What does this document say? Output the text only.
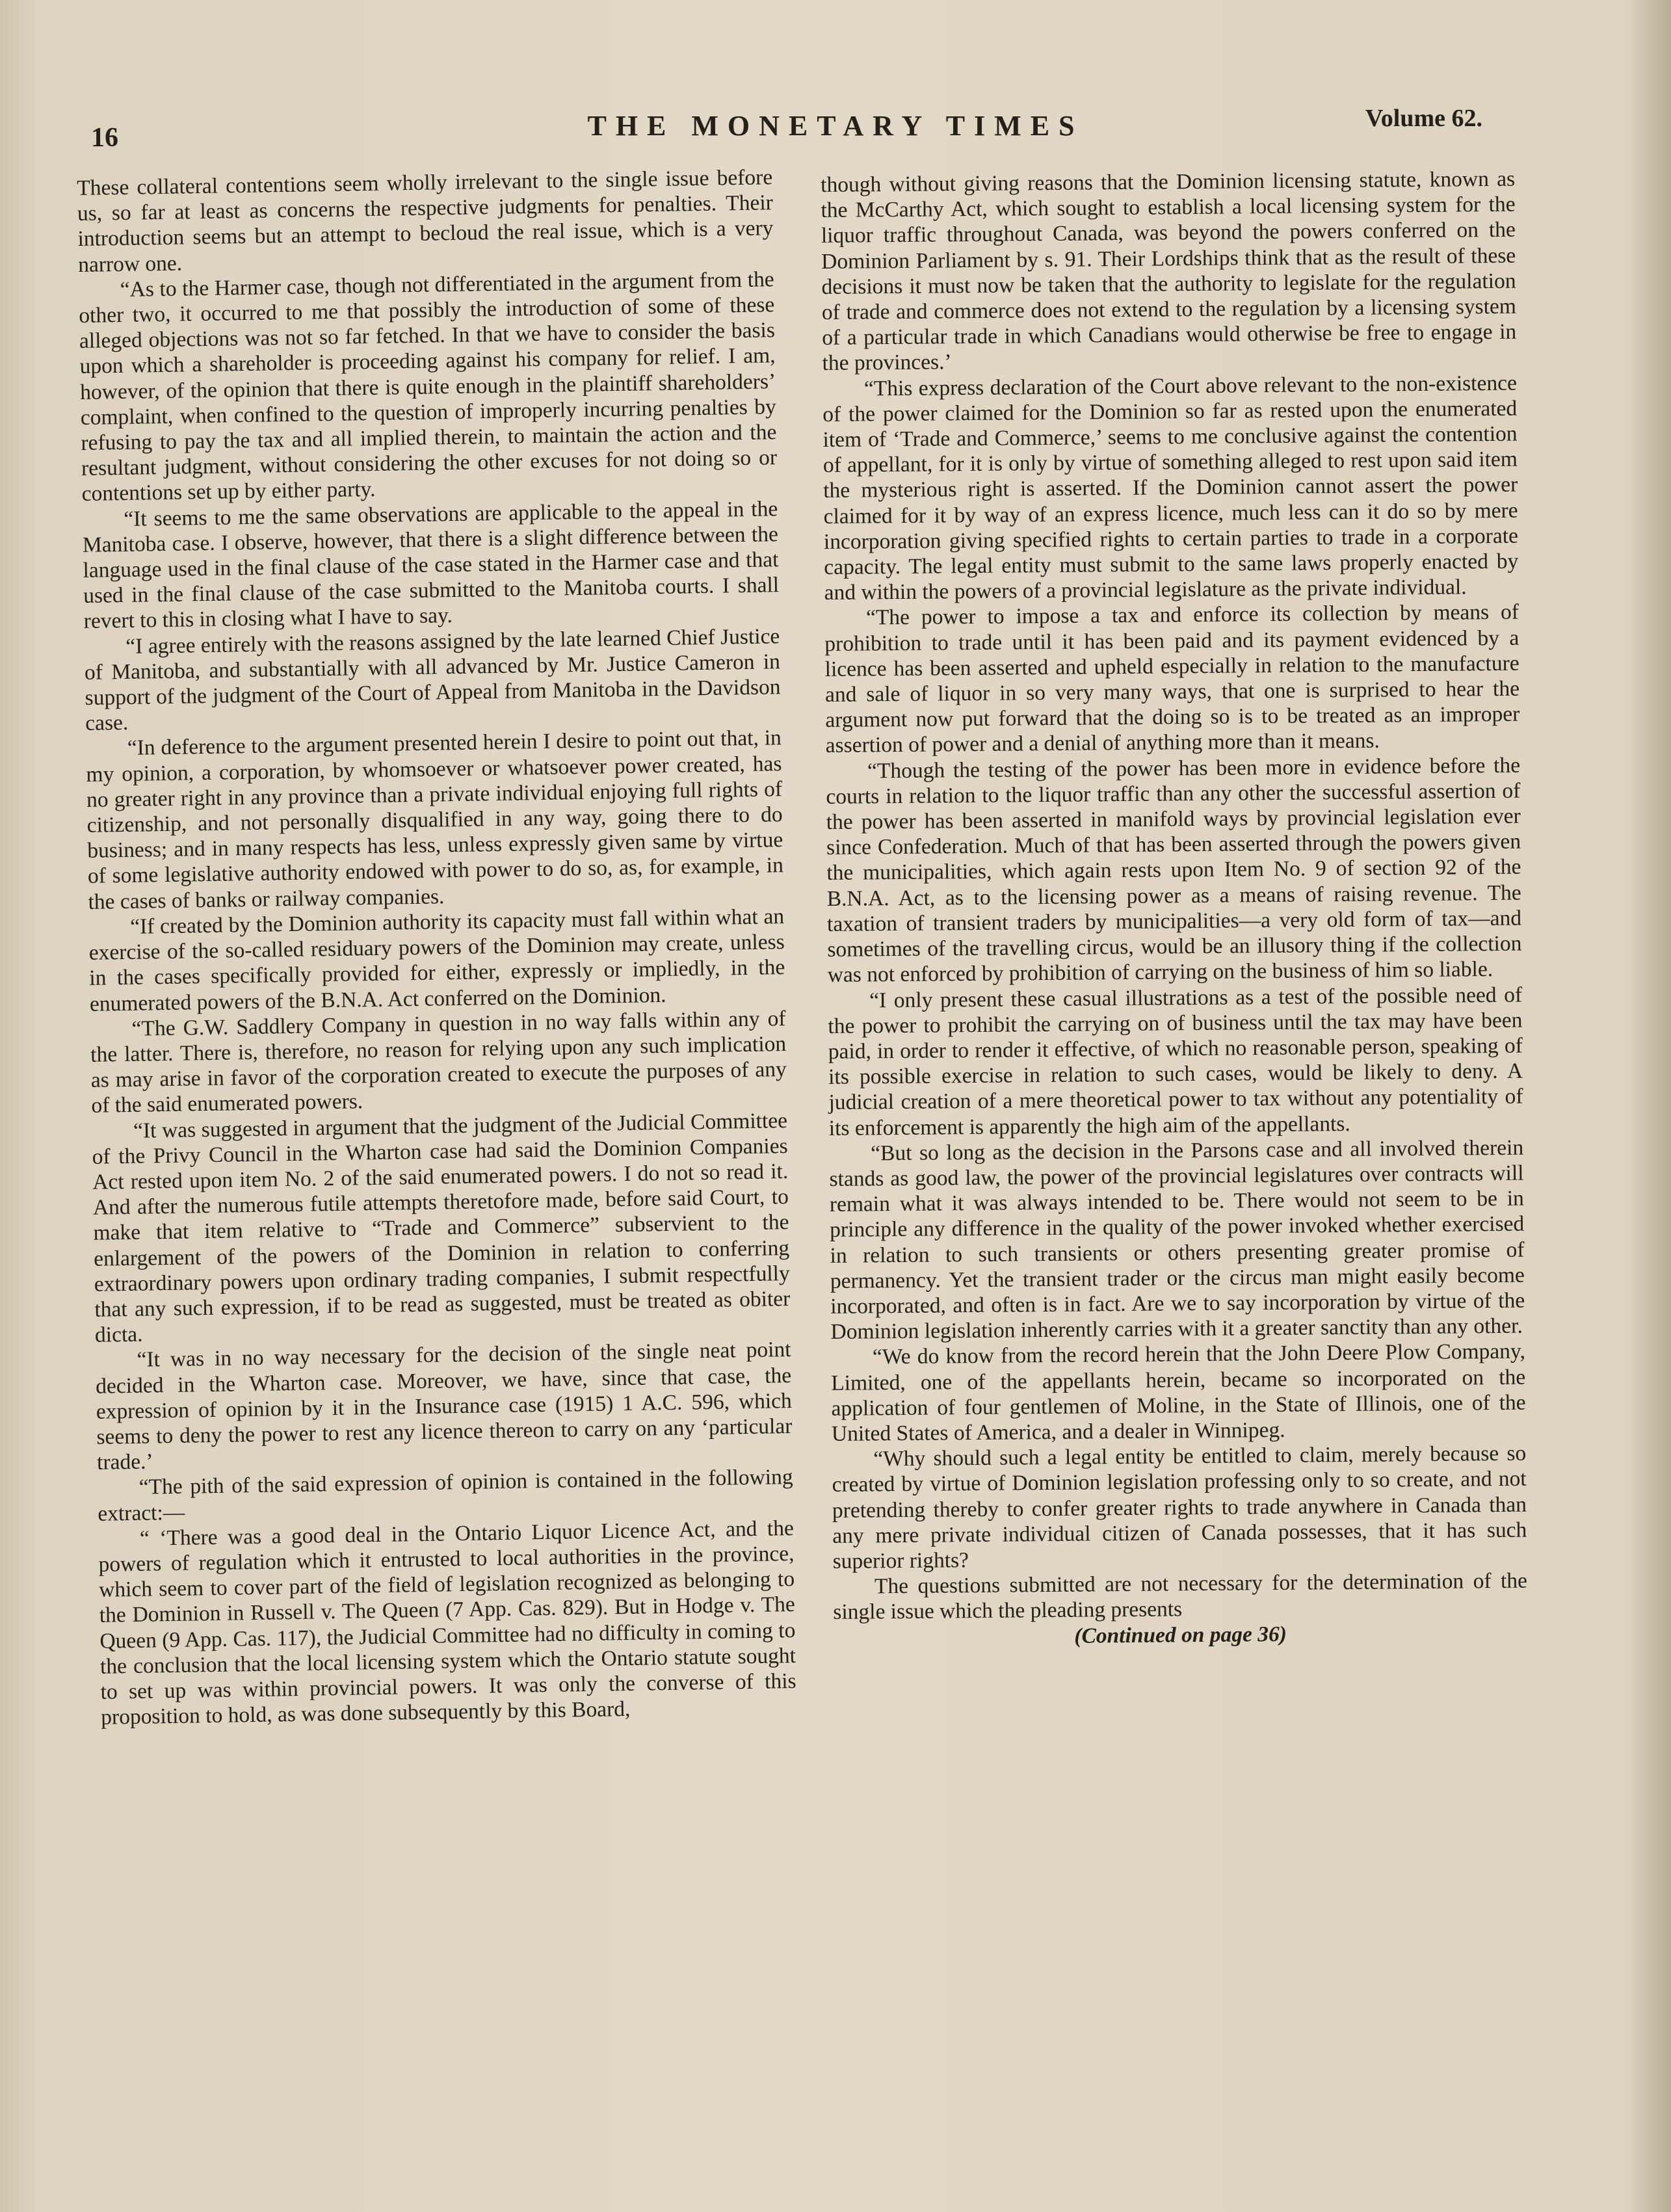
16	THE MONETARY TIMES	Volume 62.

These collateral contentions seem wholly irrelevant to the single issue before us, so far at least as concerns the respective judgments for penalties. Their introduction seems but an attempt to becloud the real issue, which is a very narrow one.

“As to the Harmer case, though not differentiated in the argument from the other two, it occurred to me that possibly the introduction of some of these alleged objections was not so far fetched. In that we have to consider the basis upon which a shareholder is proceeding against his company for relief. I am, however, of the opinion that there is quite enough in the plaintiff shareholders’ complaint, when confined to the question of improperly incurring penalties by refusing to pay the tax and all implied therein, to maintain the action and the resultant judgment, without considering the other excuses for not doing so or contentions set up by either party.

“It seems to me the same observations are applicable to the appeal in the Manitoba case. I observe, however, that there is a slight difference between the language used in the final clause of the case stated in the Harmer case and that used in the final clause of the case submitted to the Manitoba courts. I shall revert to this in closing what I have to say.

“I agree entirely with the reasons assigned by the late learned Chief Justice of Manitoba, and substantially with all advanced by Mr. Justice Cameron in support of the judgment of the Court of Appeal from Manitoba in the Davidson case.

“In deference to the argument presented herein I desire to point out that, in my opinion, a corporation, by whomsoever or whatsoever power created, has no greater right in any province than a private individual enjoying full rights of citizenship, and not personally disqualified in any way, going there to do business; and in many respects has less, unless expressly given same by virtue of some legislative authority endowed with power to do so, as, for example, in the cases of banks or railway companies.

“If created by the Dominion authority its capacity must fall within what an exercise of the so-called residuary powers of the Dominion may create, unless in the cases specifically provided for either, expressly or impliedly, in the enumerated powers of the B.N.A. Act conferred on the Dominion.

“The G.W. Saddlery Company in question in no way falls within any of the latter. There is, therefore, no reason for relying upon any such implication as may arise in favor of the corporation created to execute the purposes of any of the said enumerated powers.

“It was suggested in argument that the judgment of the Judicial Committee of the Privy Council in the Wharton case had said the Dominion Companies Act rested upon item No. 2 of the said enumerated powers. I do not so read it. And after the numerous futile attempts theretofore made, before said Court, to make that item relative to “Trade and Commerce” subservient to the enlargement of the powers of the Dominion in relation to conferring extraordinary powers upon ordinary trading companies, I submit respectfully that any such expression, if to be read as suggested, must be treated as obiter dicta.

“It was in no way necessary for the decision of the single neat point decided in the Wharton case. Moreover, we have, since that case, the expression of opinion by it in the Insurance case (1915) 1 A.C. 596, which seems to deny the power to rest any licence thereon to carry on any ‘particular trade.’

“The pith of the said expression of opinion is contained in the following extract:—

“ ‘There was a good deal in the Ontario Liquor Licence Act, and the powers of regulation which it entrusted to local authorities in the province, which seem to cover part of the field of legislation recognized as belonging to the Dominion in Russell v. The Queen (7 App. Cas. 829). But in Hodge v. The Queen (9 App. Cas. 117), the Judicial Committee had no difficulty in coming to the conclusion that the local licensing system which the Ontario statute sought to set up was within provincial powers. It was only the converse of this proposition to hold, as was done subsequently by this Board,

though without giving reasons that the Dominion licensing statute, known as the McCarthy Act, which sought to establish a local licensing system for the liquor traffic throughout Canada, was beyond the powers conferred on the Dominion Parliament by s. 91. Their Lordships think that as the result of these decisions it must now be taken that the authority to legislate for the regulation of trade and commerce does not extend to the regulation by a licensing system of a particular trade in which Canadians would otherwise be free to engage in the provinces.’

“This express declaration of the Court above relevant to the non-existence of the power claimed for the Dominion so far as rested upon the enumerated item of ‘Trade and Commerce,’ seems to me conclusive against the contention of appellant, for it is only by virtue of something alleged to rest upon said item the mysterious right is asserted. If the Dominion cannot assert the power claimed for it by way of an express licence, much less can it do so by mere incorporation giving specified rights to certain parties to trade in a corporate capacity. The legal entity must submit to the same laws properly enacted by and within the powers of a provincial legislature as the private individual.

“The power to impose a tax and enforce its collection by means of prohibition to trade until it has been paid and its payment evidenced by a licence has been asserted and upheld especially in relation to the manufacture and sale of liquor in so very many ways, that one is surprised to hear the argument now put forward that the doing so is to be treated as an improper assertion of power and a denial of anything more than it means.

“Though the testing of the power has been more in evidence before the courts in relation to the liquor traffic than any other the successful assertion of the power has been asserted in manifold ways by provincial legislation ever since Confederation. Much of that has been asserted through the powers given the municipalities, which again rests upon Item No. 9 of section 92 of the B.N.A. Act, as to the licensing power as a means of raising revenue. The taxation of transient traders by municipalities—a very old form of tax—and sometimes of the travelling circus, would be an illusory thing if the collection was not enforced by prohibition of carrying on the business of him so liable.

“I only present these casual illustrations as a test of the possible need of the power to prohibit the carrying on of business until the tax may have been paid, in order to render it effective, of which no reasonable person, speaking of its possible exercise in relation to such cases, would be likely to deny. A judicial creation of a mere theoretical power to tax without any potentiality of its enforcement is apparently the high aim of the appellants.

“But so long as the decision in the Parsons case and all involved therein stands as good law, the power of the provincial legislatures over contracts will remain what it was always intended to be. There would not seem to be in principle any difference in the quality of the power invoked whether exercised in relation to such transients or others presenting greater promise of permanency. Yet the transient trader or the circus man might easily become incorporated, and often is in fact. Are we to say incorporation by virtue of the Dominion legislation inherently carries with it a greater sanctity than any other.

“We do know from the record herein that the John Deere Plow Company, Limited, one of the appellants herein, became so incorporated on the application of four gentlemen of Moline, in the State of Illinois, one of the United States of America, and a dealer in Winnipeg.

“Why should such a legal entity be entitled to claim, merely because so created by virtue of Dominion legislation professing only to so create, and not pretending thereby to confer greater rights to trade anywhere in Canada than any mere private individual citizen of Canada possesses, that it has such superior rights?

The questions submitted are not necessary for the determination of the single issue which the pleading presents

(Continued on page 36)
